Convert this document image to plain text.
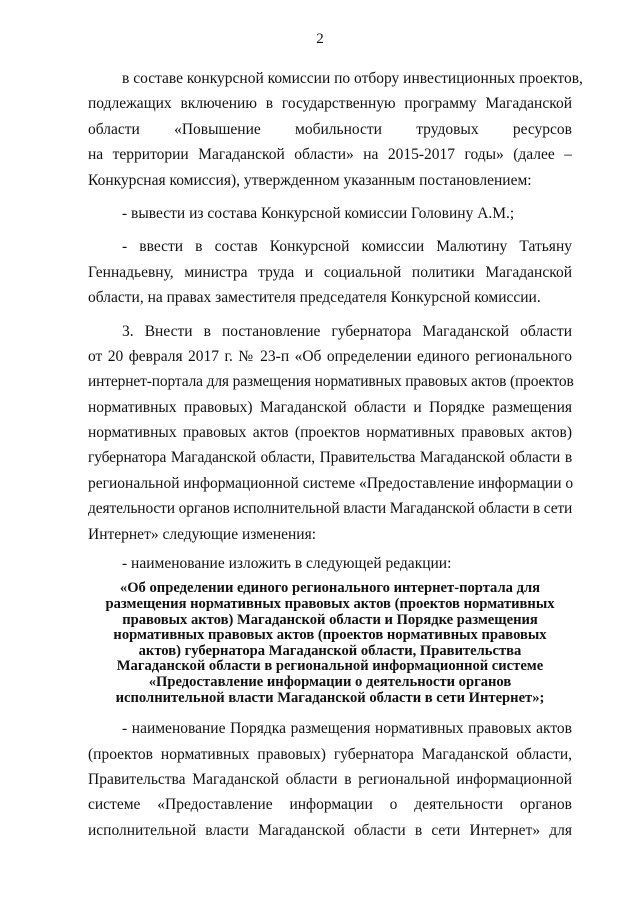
2
в составе конкурсной комиссии по отбору инвестиционных проектов,
подлежащих включению в государственную программу Магаданской
области «Повышение мобильности трудовых ресурсов
на территории Магаданской области» на 2015-2017 годы» (далее –
Конкурсная комиссия), утвержденном указанным постановлением:
- вывести из состава Конкурсной комиссии Головину А.М.;
- ввести в состав Конкурсной комиссии Малютину Татьяну
Геннадьевну, министра труда и социальной политики Магаданской
области, на правах заместителя председателя Конкурсной комиссии.
3. Внести в постановление губернатора Магаданской области
от 20 февраля 2017 г. № 23-п «Об определении единого регионального
интернет-портала для размещения нормативных правовых актов (проектов
нормативных правовых) Магаданской области и Порядке размещения
нормативных правовых актов (проектов нормативных правовых актов)
губернатора Магаданской области, Правительства Магаданской области в
региональной информационной системе «Предоставление информации о
деятельности органов исполнительной власти Магаданской области в сети
Интернет» следующие изменения:
- наименование изложить в следующей редакции:
«Об определении единого регионального интернет-портала для
размещения нормативных правовых актов (проектов нормативных
правовых актов) Магаданской области и Порядке размещения
нормативных правовых актов (проектов нормативных правовых
актов) губернатора Магаданской области, Правительства
Магаданской области в региональной информационной системе
«Предоставление информации о деятельности органов
исполнительной власти Магаданской области в сети Интернет»;
- наименование Порядка размещения нормативных правовых актов
(проектов нормативных правовых) губернатора Магаданской области,
Правительства Магаданской области в региональной информационной
системе «Предоставление информации о деятельности органов
исполнительной власти Магаданской области в сети Интернет» для
